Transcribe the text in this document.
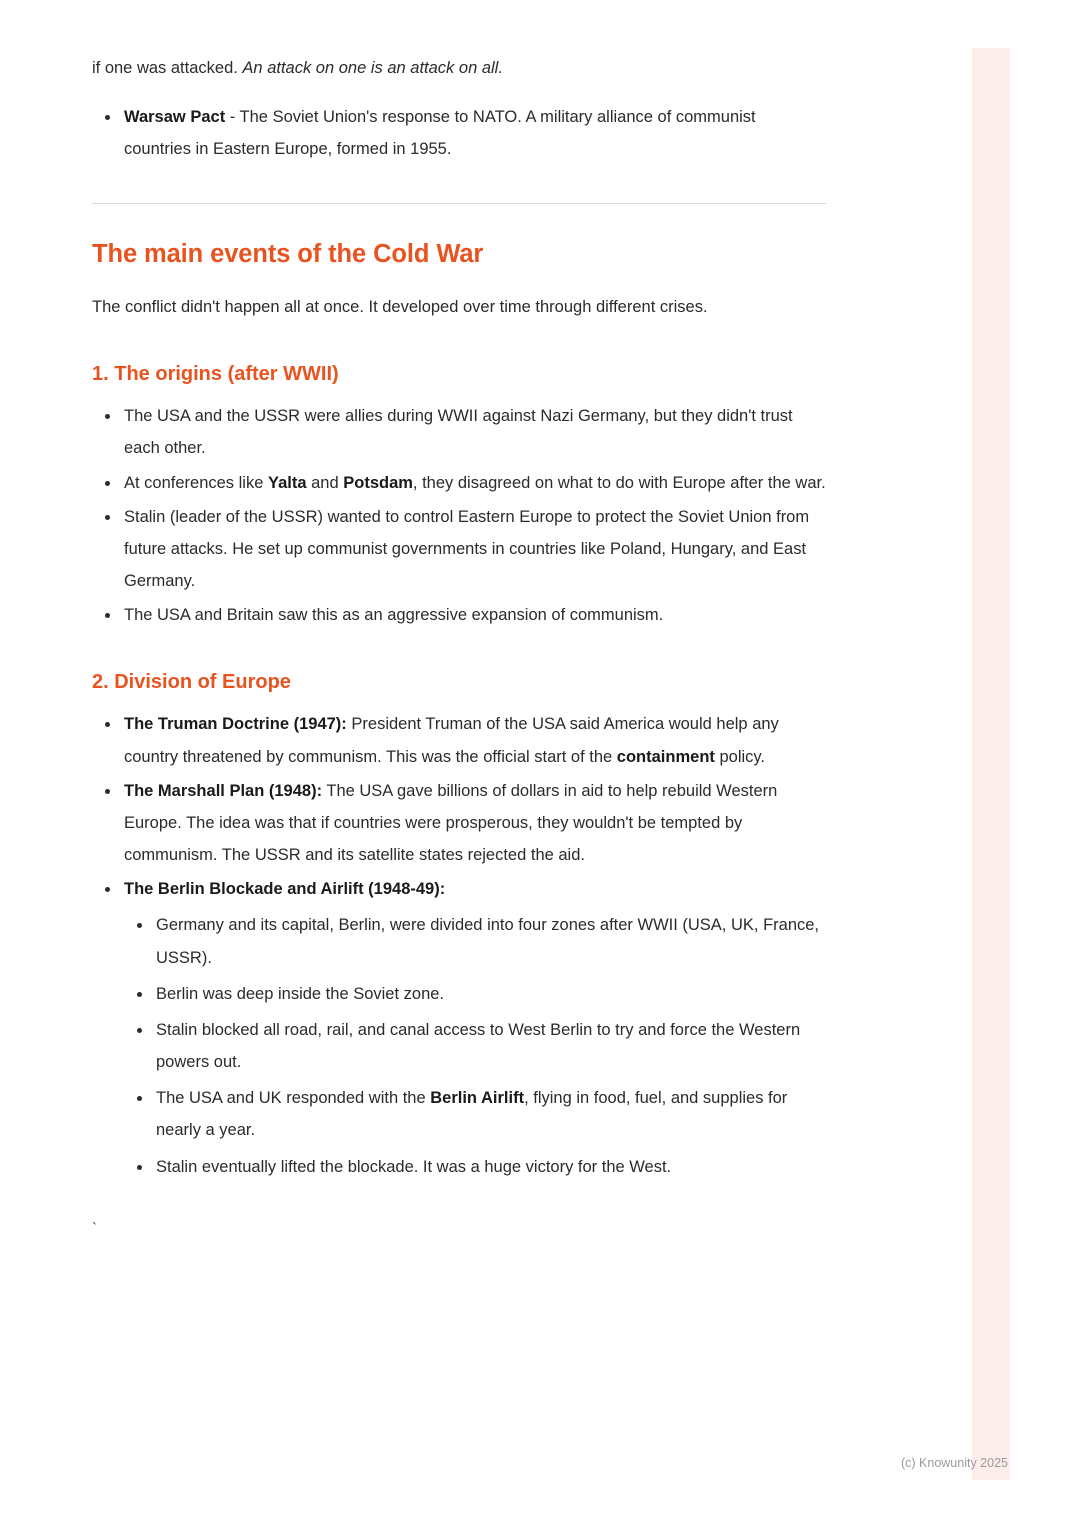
if one was attacked. An attack on one is an attack on all.

Warsaw Pact - The Soviet Union's response to NATO. A military alliance of communist countries in Eastern Europe, formed in 1955.
The main events of the Cold War

The conflict didn't happen all at once. It developed over time through different crises.

1. The origins (after WWII)
The USA and the USSR were allies during WWII against Nazi Germany, but they didn't trust each other.
At conferences like Yalta and Potsdam, they disagreed on what to do with Europe after the war.
Stalin (leader of the USSR) wanted to control Eastern Europe to protect the Soviet Union from future attacks. He set up communist governments in countries like Poland, Hungary, and East Germany.
The USA and Britain saw this as an aggressive expansion of communism.
2. Division of Europe
The Truman Doctrine (1947): President Truman of the USA said America would help any country threatened by communism. This was the official start of the containment policy.
The Marshall Plan (1948): The USA gave billions of dollars in aid to help rebuild Western Europe. The idea was that if countries were prosperous, they wouldn't be tempted by communism. The USSR and its satellite states rejected the aid.
The Berlin Blockade and Airlift (1948-49):
Germany and its capital, Berlin, were divided into four zones after WWII (USA, UK, France, USSR).
Berlin was deep inside the Soviet zone.
Stalin blocked all road, rail, and canal access to West Berlin to try and force the Western powers out.
The USA and UK responded with the Berlin Airlift, flying in food, fuel, and supplies for nearly a year.
Stalin eventually lifted the blockade. It was a huge victory for the West.
`
(c) Knowunity 2025
